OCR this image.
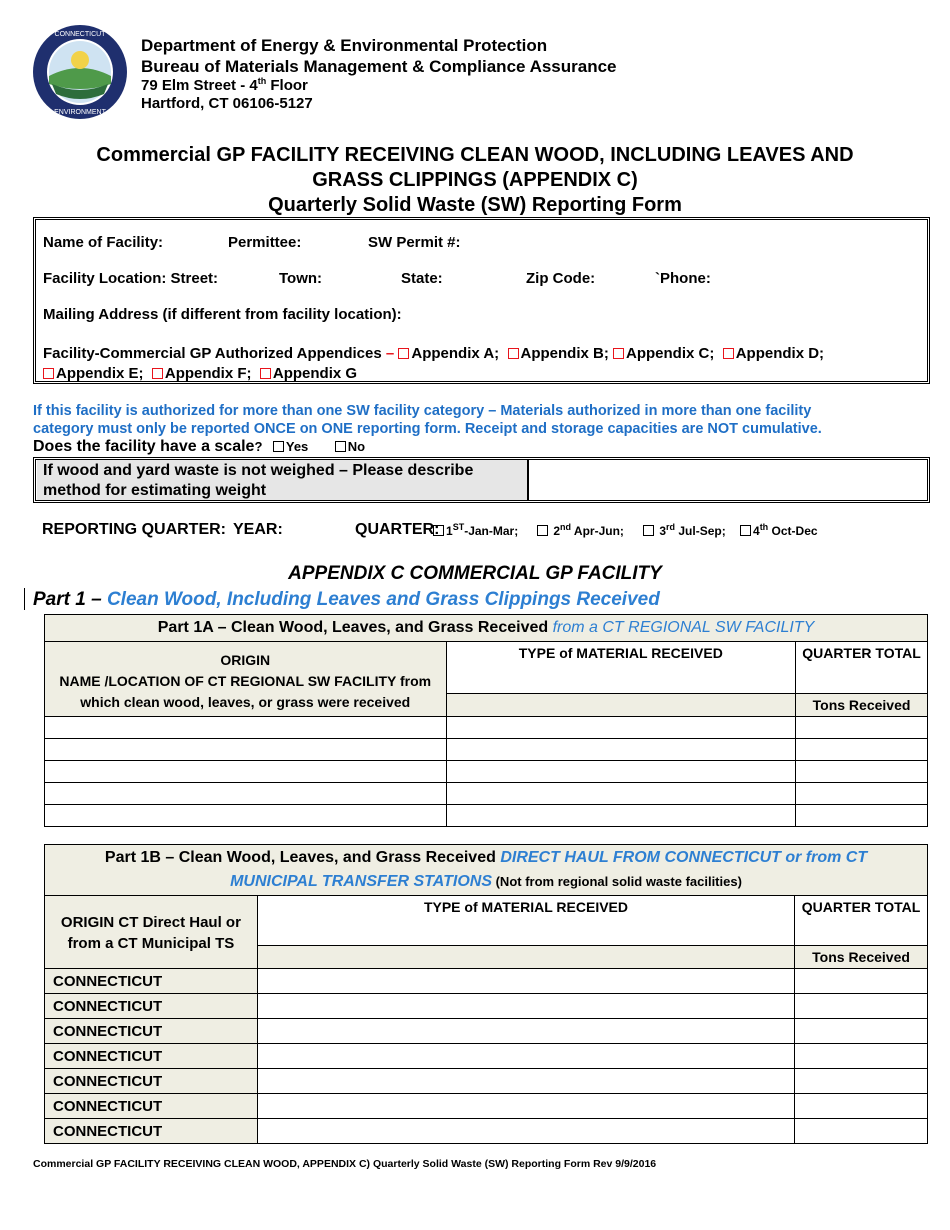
CONNECTICUT
ENVIRONMENT
Department of Energy & Environmental Protection
Bureau of Materials Management & Compliance Assurance
79 Elm Street - 4th Floor
Hartford, CT 06106-5127
Commercial GP FACILITY RECEIVING CLEAN WOOD, INCLUDING LEAVES AND
GRASS CLIPPINGS (APPENDIX C)
Quarterly Solid Waste (SW) Reporting Form
Name of Facility:	Permittee:	SW Permit #:
Facility Location: Street:	Town:	State:	Zip Code:	`Phone:
Mailing Address (if different from facility location):
Facility-Commercial GP Authorized Appendices – Appendix A; Appendix B; Appendix C; Appendix D;
Appendix E; Appendix F; Appendix G
If this facility is authorized for more than one SW facility category – Materials authorized in more than one facility
category must only be reported ONCE on ONE reporting form. Receipt and storage capacities are NOT cumulative.
Does the facility have a scale? Yes	No
If wood and yard waste is not weighed – Please describe
method for estimating weight
REPORTING QUARTER: YEAR:	QUARTER: 1ST-Jan-Mar;	2nd Apr-Jun;	3rd Jul-Sep;	4th Oct-Dec
APPENDIX C COMMERCIAL GP FACILITY
Part 1 – Clean Wood, Including Leaves and Grass Clippings Received
Part 1A – Clean Wood, Leaves, and Grass Received from a CT REGIONAL SW FACILITY		

ORIGIN
NAME /LOCATION OF CT REGIONAL SW FACILITY from
which clean wood, leaves, or grass were received	TYPE of MATERIAL RECEIVED	QUARTER TOTAL
		Tons Received

Part 1B – Clean Wood, Leaves, and Grass Received DIRECT HAUL FROM CONNECTICUT or from CT
MUNICIPAL TRANSFER STATIONS (Not from regional solid waste facilities)		

ORIGIN CT Direct Haul or
from a CT Municipal TS	TYPE of MATERIAL RECEIVED	QUARTER TOTAL
		Tons Received
CONNECTICUT		
CONNECTICUT		
CONNECTICUT		
CONNECTICUT		
CONNECTICUT		
CONNECTICUT		
CONNECTICUT		
Commercial GP FACILITY RECEIVING CLEAN WOOD, APPENDIX C) Quarterly Solid Waste (SW) Reporting Form Rev 9/9/2016
